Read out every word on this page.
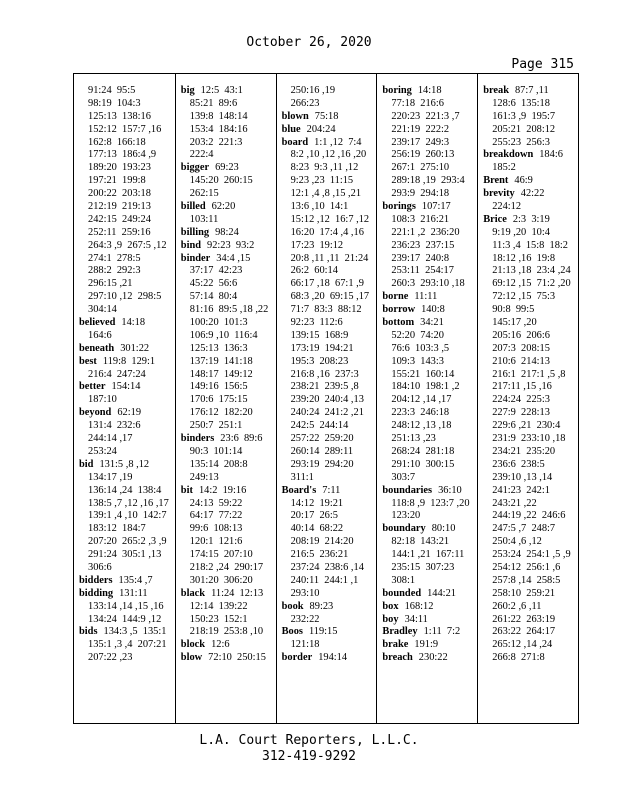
October 26, 2020
Page 315
91:24  95:5
98:19  104:3
125:13  138:16
152:12  157:7 ,16
162:8  166:18
177:13  186:4 ,9
189:20  193:23
197:21  199:8
200:22  203:18
212:19  219:13
242:15  249:24
252:11  259:16
264:3 ,9  267:5 ,12
274:1  278:5
288:2  292:3
296:15 ,21
297:10 ,12  298:5
304:14
believed 14:18
164:6
beneath 301:22
best 119:8  129:1
216:4  247:24
better 154:14
187:10
beyond 62:19
131:4  232:6
244:14 ,17
253:24
bid 131:5 ,8 ,12
134:17 ,19
136:14 ,24  138:4
138:5 ,7 ,12 ,16 ,17
139:1 ,4 ,10  142:7
183:12  184:7
207:20  265:2 ,3 ,9
291:24  305:1 ,13
306:6
bidders 135:4 ,7
bidding 131:11
133:14 ,14 ,15 ,16
134:24  144:9 ,12
bids 134:3 ,5  135:1
135:1 ,3 ,4  207:21
207:22 ,23
big 12:5  43:1
85:21  89:6
139:8  148:14
153:4  184:16
203:2  221:3
222:4
bigger 69:23
145:20  260:15
262:15
billed 62:20
103:11
billing 98:24
bind 92:23  93:2
binder 34:4 ,15
37:17  42:23
45:22  56:6
57:14  80:4
81:16  89:5 ,18 ,22
100:20  101:3
106:9 ,10  116:4
125:13  136:3
137:19  141:18
148:17  149:12
149:16  156:5
170:6  175:15
176:12  182:20
250:7  251:1
binders 23:6  89:6
90:3  101:14
135:14  208:8
249:13
bit 14:2  19:16
24:13  59:22
64:17  77:22
99:6  108:13
120:1  121:6
174:15  207:10
218:2 ,24  290:17
301:20  306:20
black 11:24  12:13
12:14  139:22
150:23  152:1
218:19  253:8 ,10
block 12:6
blow 72:10  250:15
250:16 ,19
266:23
blown 75:18
blue 204:24
board 1:1 ,12  7:4
8:2 ,10 ,12 ,16 ,20
8:23  9:3 ,11 ,12
9:23 ,23  11:15
12:1 ,4 ,8 ,15 ,21
13:6 ,10  14:1
15:12 ,12  16:7 ,12
16:20  17:4 ,4 ,16
17:23  19:12
20:8 ,11 ,11  21:24
26:2  60:14
66:17 ,18  67:1 ,9
68:3 ,20  69:15 ,17
71:7  83:3  88:12
92:23  112:6
139:15  168:9
173:19  194:21
195:3  208:23
216:8 ,16  237:3
238:21  239:5 ,8
239:20  240:4 ,13
240:24  241:2 ,21
242:5  244:14
257:22  259:20
260:14  289:11
293:19  294:20
311:1
Board's 7:11
14:12  19:21
20:17  26:5
40:14  68:22
208:19  214:20
216:5  236:21
237:24  238:6 ,14
240:11  244:1 ,1
293:10
book 89:23
232:22
Boos 119:15
121:18
border 194:14
boring 14:18
77:18  216:6
220:23  221:3 ,7
221:19  222:2
239:17  249:3
256:19  260:13
267:1  275:10
289:18 ,19  293:4
293:9  294:18
borings 107:17
108:3  216:21
221:1 ,2  236:20
236:23  237:15
239:17  240:8
253:11  254:17
260:3  293:10 ,18
borne 11:11
borrow 140:8
bottom 34:21
52:20  74:20
76:6  103:3 ,5
109:3  143:3
155:21  160:14
184:10  198:1 ,2
204:12 ,14 ,17
223:3  246:18
248:12 ,13 ,18
251:13 ,23
268:24  281:18
291:10  300:15
303:7
boundaries 36:10
118:8 ,9  123:7 ,20
123:20
boundary 80:10
82:18  143:21
144:1 ,21  167:11
235:15  307:23
308:1
bounded 144:21
box 168:12
boy 34:11
Bradley 1:11  7:2
brake 191:9
breach 230:22
break 87:7 ,11
128:6  135:18
161:3 ,9  195:7
205:21  208:12
255:23  256:3
breakdown 184:6
185:2
Brent 46:9
brevity 42:22
224:12
Brice 2:3  3:19
9:19 ,20  10:4
11:3 ,4  15:8  18:2
18:12 ,16  19:8
21:13 ,18  23:4 ,24
69:12 ,15  71:2 ,20
72:12 ,15  75:3
90:8  99:5
145:17 ,20
205:16  206:6
207:3  208:15
210:6  214:13
216:1  217:1 ,5 ,8
217:11 ,15 ,16
224:24  225:3
227:9  228:13
229:6 ,21  230:4
231:9  233:10 ,18
234:21  235:20
236:6  238:5
239:10 ,13 ,14
241:23  242:1
243:21 ,22
244:19 ,22  246:6
247:5 ,7  248:7
250:4 ,6 ,12
253:24  254:1 ,5 ,9
254:12  256:1 ,6
257:8 ,14  258:5
258:10  259:21
260:2 ,6 ,11
261:22  263:19
263:22  264:17
265:12 ,14 ,24
266:8  271:8
L.A. Court Reporters, L.L.C.
312-419-9292
